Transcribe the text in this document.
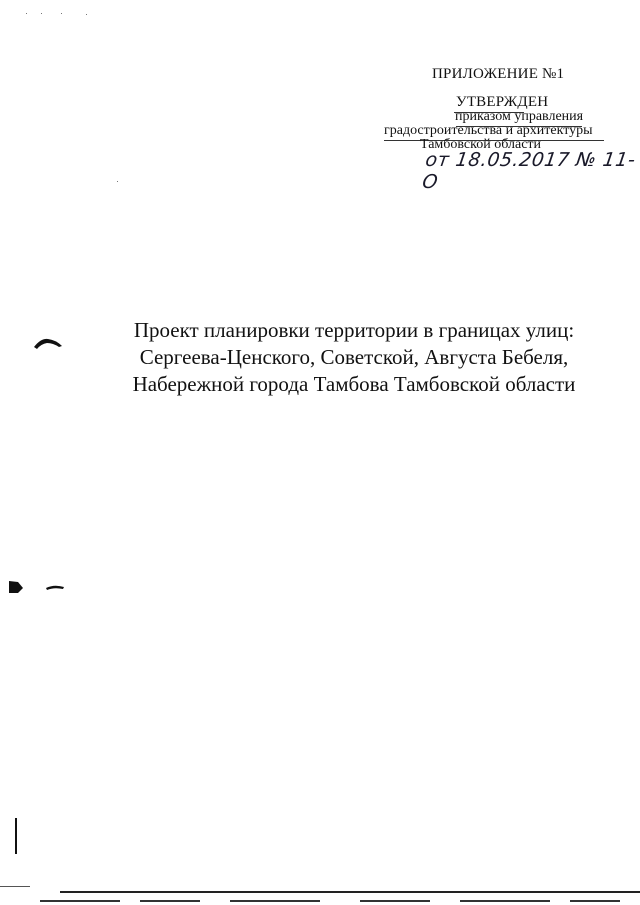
ПРИЛОЖЕНИЕ №1
УТВЕРЖДЕН
приказом управления
градостроительства и архитектуры
Тамбовской области
от 18.05.2017 № 11-О
Проект планировки территории в границах улиц:
Сергеева-Ценского, Советской, Августа Бебеля,
Набережной города Тамбова Тамбовской области
